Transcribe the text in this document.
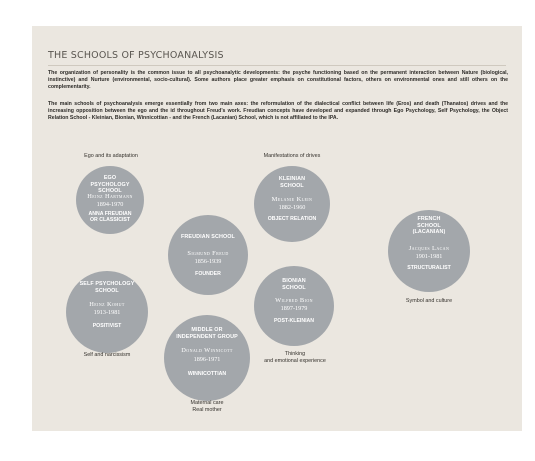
THE SCHOOLS OF PSYCHOANALYSIS
The organization of personality is the common issue to all psychoanalytic developments: the psyche functioning based on the permanent interaction between Nature (biological, instinctive) and Nurture (environmental, socio-cultural). Some authors place greater emphasis on constitutional factors, others on environmental ones and still others on the complementarity.
The main schools of psychoanalysis emerge essentially from two main axes: the reformulation of the dialectical conflict between life (Eros) and death (Thanatos) drives and the increasing opposition between the ego and the id throughout Freud's work. Freudian concepts have developed and expanded through Ego Psychology, Self Psychology, the Object Relation School - Kleinian, Bionian, Winnicottian - and the French (Lacanian) School, which is not affiliated to the IPA.
Ego and its adaptation
EGO
PSYCHOLOGY SCHOOL
Heinz Hartmann
1894-1970
ANNA FREUDIAN
OR CLASSICIST
Manifestations of drives
KLEINIAN
SCHOOL
Melanie Klein
1882-1960
OBJECT RELATION
FREUDIAN SCHOOL
Sigmund Freud
1856-1939
FOUNDER
FRENCH
SCHOOL
(LACANIAN)
Jacques Lacan
1901-1981
STRUCTURALIST
Symbol and culture
SELF PSYCHOLOGY
SCHOOL
Heinz Kohut
1913-1981
POSITIVIST
Self and narcissism
BIONIAN
SCHOOL
Wilfred Bion
1897-1979
POST-KLEINIAN
Thinking
and emotional experience
MIDDLE OR
INDEPENDENT GROUP
Donald Winnicott
1896-1971
WINNICOTTIAN
Maternal care
Real mother
